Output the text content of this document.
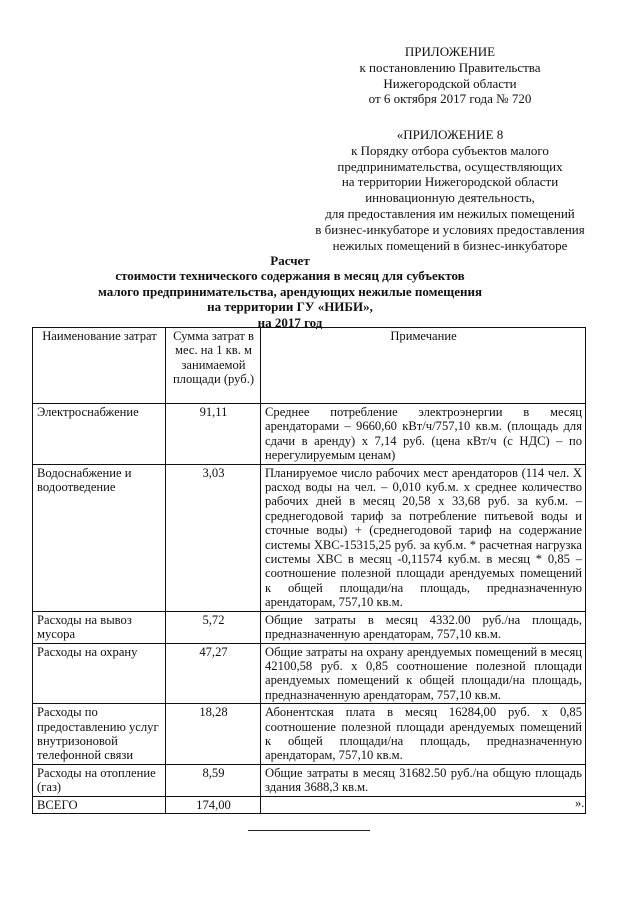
ПРИЛОЖЕНИЕ
к постановлению Правительства
Нижегородской области
от 6 октября 2017 года № 720
«ПРИЛОЖЕНИЕ 8
к Порядку отбора субъектов малого
предпринимательства, осуществляющих
на территории Нижегородской области
инновационную деятельность,
для предоставления им нежилых помещений
в бизнес-инкубаторе и условиях предоставления
нежилых помещений в бизнес-инкубаторе
Расчет
стоимости технического содержания в месяц для субъектов
малого предпринимательства, арендующих нежилые помещения
на территории ГУ «НИБИ»,
на 2017 год
Наименование затрат	Сумма затрат в мес. на 1 кв. м занимаемой площади (руб.)	Примечание
Электроснабжение	91,11	Среднее потребление электроэнергии в месяц арендаторами – 9660,60 кВт/ч/757,10 кв.м. (площадь для сдачи в аренду) х 7,14 руб. (цена кВт/ч (с НДС) – по нерегулируемым ценам)
Водоснабжение и водоотведение	3,03	Планируемое число рабочих мест арендаторов (114 чел. Х расход воды на чел. – 0,010 куб.м. х среднее количество рабочих дней в месяц 20,58 х 33,68 руб. за куб.м. – среднегодовой тариф за потребление питьевой воды и сточные воды) + (среднегодовой тариф на содержание системы ХВС-15315,25 руб. за куб.м. * расчетная нагрузка системы ХВС в месяц -0,11574 куб.м. в месяц * 0,85 – соотношение полезной площади арендуемых помещений к общей площади/на площадь, предназначенную арендаторам, 757,10 кв.м.
Расходы на вывоз мусора	5,72	Общие затраты в месяц 4332.00 руб./на площадь, предназначенную арендаторам, 757,10 кв.м.
Расходы на охрану	47,27	Общие затраты на охрану арендуемых помещений в месяц 42100,58 руб. х 0,85 соотношение полезной площади арендуемых помещений к общей площади/на площадь, предназначенную арендаторам, 757,10 кв.м.
Расходы по предоставлению услуг внутризоновой телефонной связи	18,28	Абонентская плата в месяц 16284,00 руб. х 0,85 соотношение полезной площади арендуемых помещений к общей площади/на площадь, предназначенную арендаторам, 757,10 кв.м.
Расходы на отопление (газ)	8,59	Общие затраты в месяц 31682.50 руб./на общую площадь здания 3688,3 кв.м.
ВСЕГО	174,00		».
